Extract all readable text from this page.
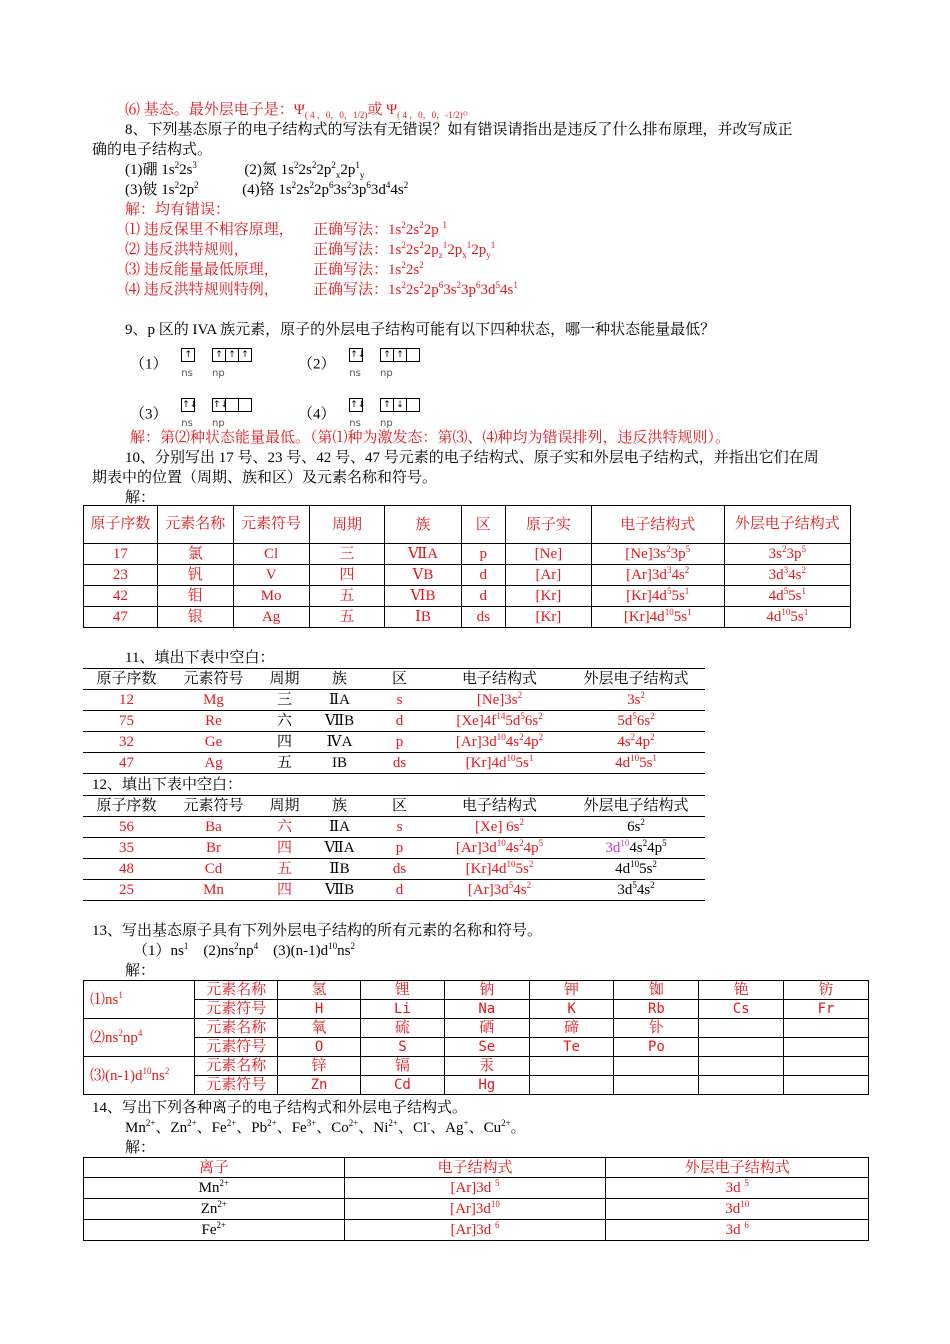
⑹ 基态。最外层电子是：$\Psi_{( 4 ,0,0,1/2)}$或 $\Psi_{( 4 ,0,0,-1/2)}$。
8、下列基态原子的电子结构式的写法有无错误？如有错误请指出是违反了什么排布原理，并改写成正
确的电子结构式。
(1)硼 $1s^22s^3$	(2)氮 $1s^22s^22p^2_x2p^1_y$
(3)铍 $1s^22p^2$	(4)铬 $1s^22s^22p^63s^23p^63d^44s^2$
解：均有错误：
⑴ 违反保里不相容原理， 正确写法：$1s^22s^22p$ $^1$
⑵ 违反洪特规则，	正确写法：$1s^22s^22p_z^12p_x^12p_y^1$
⑶ 违反能量最低原理， 正确写法：$1s^22s^2$
⑷ 违反洪特规则特例， 正确写法：$1s^22s^22p^63s^23p^63d^54s^1$
9、p 区的 IVA 族元素，原子的外层电子结构可能有以下四种状态，哪一种状态能量最低？
（1）
↑
ns
↑ ↑ ↑
np
（2）
↑↓
ns
↑ ↑
np
（3）
↑↓
ns
↑↓
np
（4）
↑↓
ns
↑ ↓
np
解：第⑵种状态能量最低。（第⑴种为激发态：第⑶、⑷种均为错误排列，违反洪特规则）。
10、分别写出 17 号、23 号、42 号、47 号元素的电子结构式、原子实和外层电子结构式，并指出它们在周
期表中的位置（周期、族和区）及元素名称和符号。
解：
原子序数	元素名称	元素符号	周期	族	区	原子实	电子结构式	外层电子结构式
17	氯	Cl	三	ⅦA	p	[Ne]	$[Ne]3s^23p^5$	$3s^23p^5$
23	钒	V	四	ⅤB	d	[Ar]	$[Ar]3d^34s^2$	$3d^34s^2$
42	钼	Mo	五	ⅥB	d	[Kr]	$[Kr]4d^55s^1$	$4d^55s^1$
47	银	Ag	五	ⅠB	ds	[Kr]	$[Kr]4d^{10}5s^1$	$4d^{10}5s^1$
11、填出下表中空白：
原子序数	元素符号	周期	族	区	电子结构式	外层电子结构式
12	Mg	三	ⅡA	s	$[Ne]3s^2$	$3s^2$
75	Re	六	ⅦB	d	$[Xe]4f^{14}5d^56s^2$	$5d^56s^2$
32	Ge	四	ⅣA	p	$[Ar]3d^{10}4s^24p^2$	$4s^24p^2$
47	Ag	五	IB	ds	$[Kr]4d^{10}5s^1$	$4d^{10}5s^1$
12、填出下表中空白：
原子序数	元素符号	周期	族	区	电子结构式	外层电子结构式
56	Ba	六	ⅡA	s	[Xe] $6s^2$	$6s^2$
35	Br	四	ⅦA	p	$[Ar]3d^{10}4s^24p^5$	$3d^{10}4s^24p^5$
48	Cd	五	ⅡB	ds	$[Kr]4d^{10}5s^2$	$4d^{10}5s^2$
25	Mn	四	ⅦB	d	$[Ar]3d^54s^2$	$3d^54s^2$
13、写出基态原子具有下列外层电子结构的所有元素的名称和符号。
$(1)ns^1$    $(2)ns^2np^4$    $(3)(n-1)d^{10}ns^2$
解：
$⑴ns^1$	元素名称	氢	锂	钠	钾	铷	铯	钫
	元素符号	H	Li	Na	K	Rb	Cs	Fr
$⑵ns^2np^4$	元素名称	氧	硫	硒	碲	钋		
	元素符号	O	S	Se	Te	Po		
$⑶(n-1)d^{10}ns^2$	元素名称	锌	镉	汞				
	元素符号	Zn	Cd	Hg				
14、写出下列各种离子的电子结构式和外层电子结构式。
$Mn^{2+}$、$Zn^{2+}$、$Fe^{2+}$、$Pb^{2+}$、$Fe^{3+}$、$Co^{2+}$、$Ni^{2+}$、Cl-、Ag+、$Cu^{2+}$。
解：
离子	电子结构式	外层电子结构式
$Mn^{2+}$	[Ar]3d $^5$	3d $^5$
$Zn^{2+}$	$[Ar]3d^{10}$	$3d^{10}$
$Fe^{2+}$	[Ar]3d $^6$	3d $^6$
